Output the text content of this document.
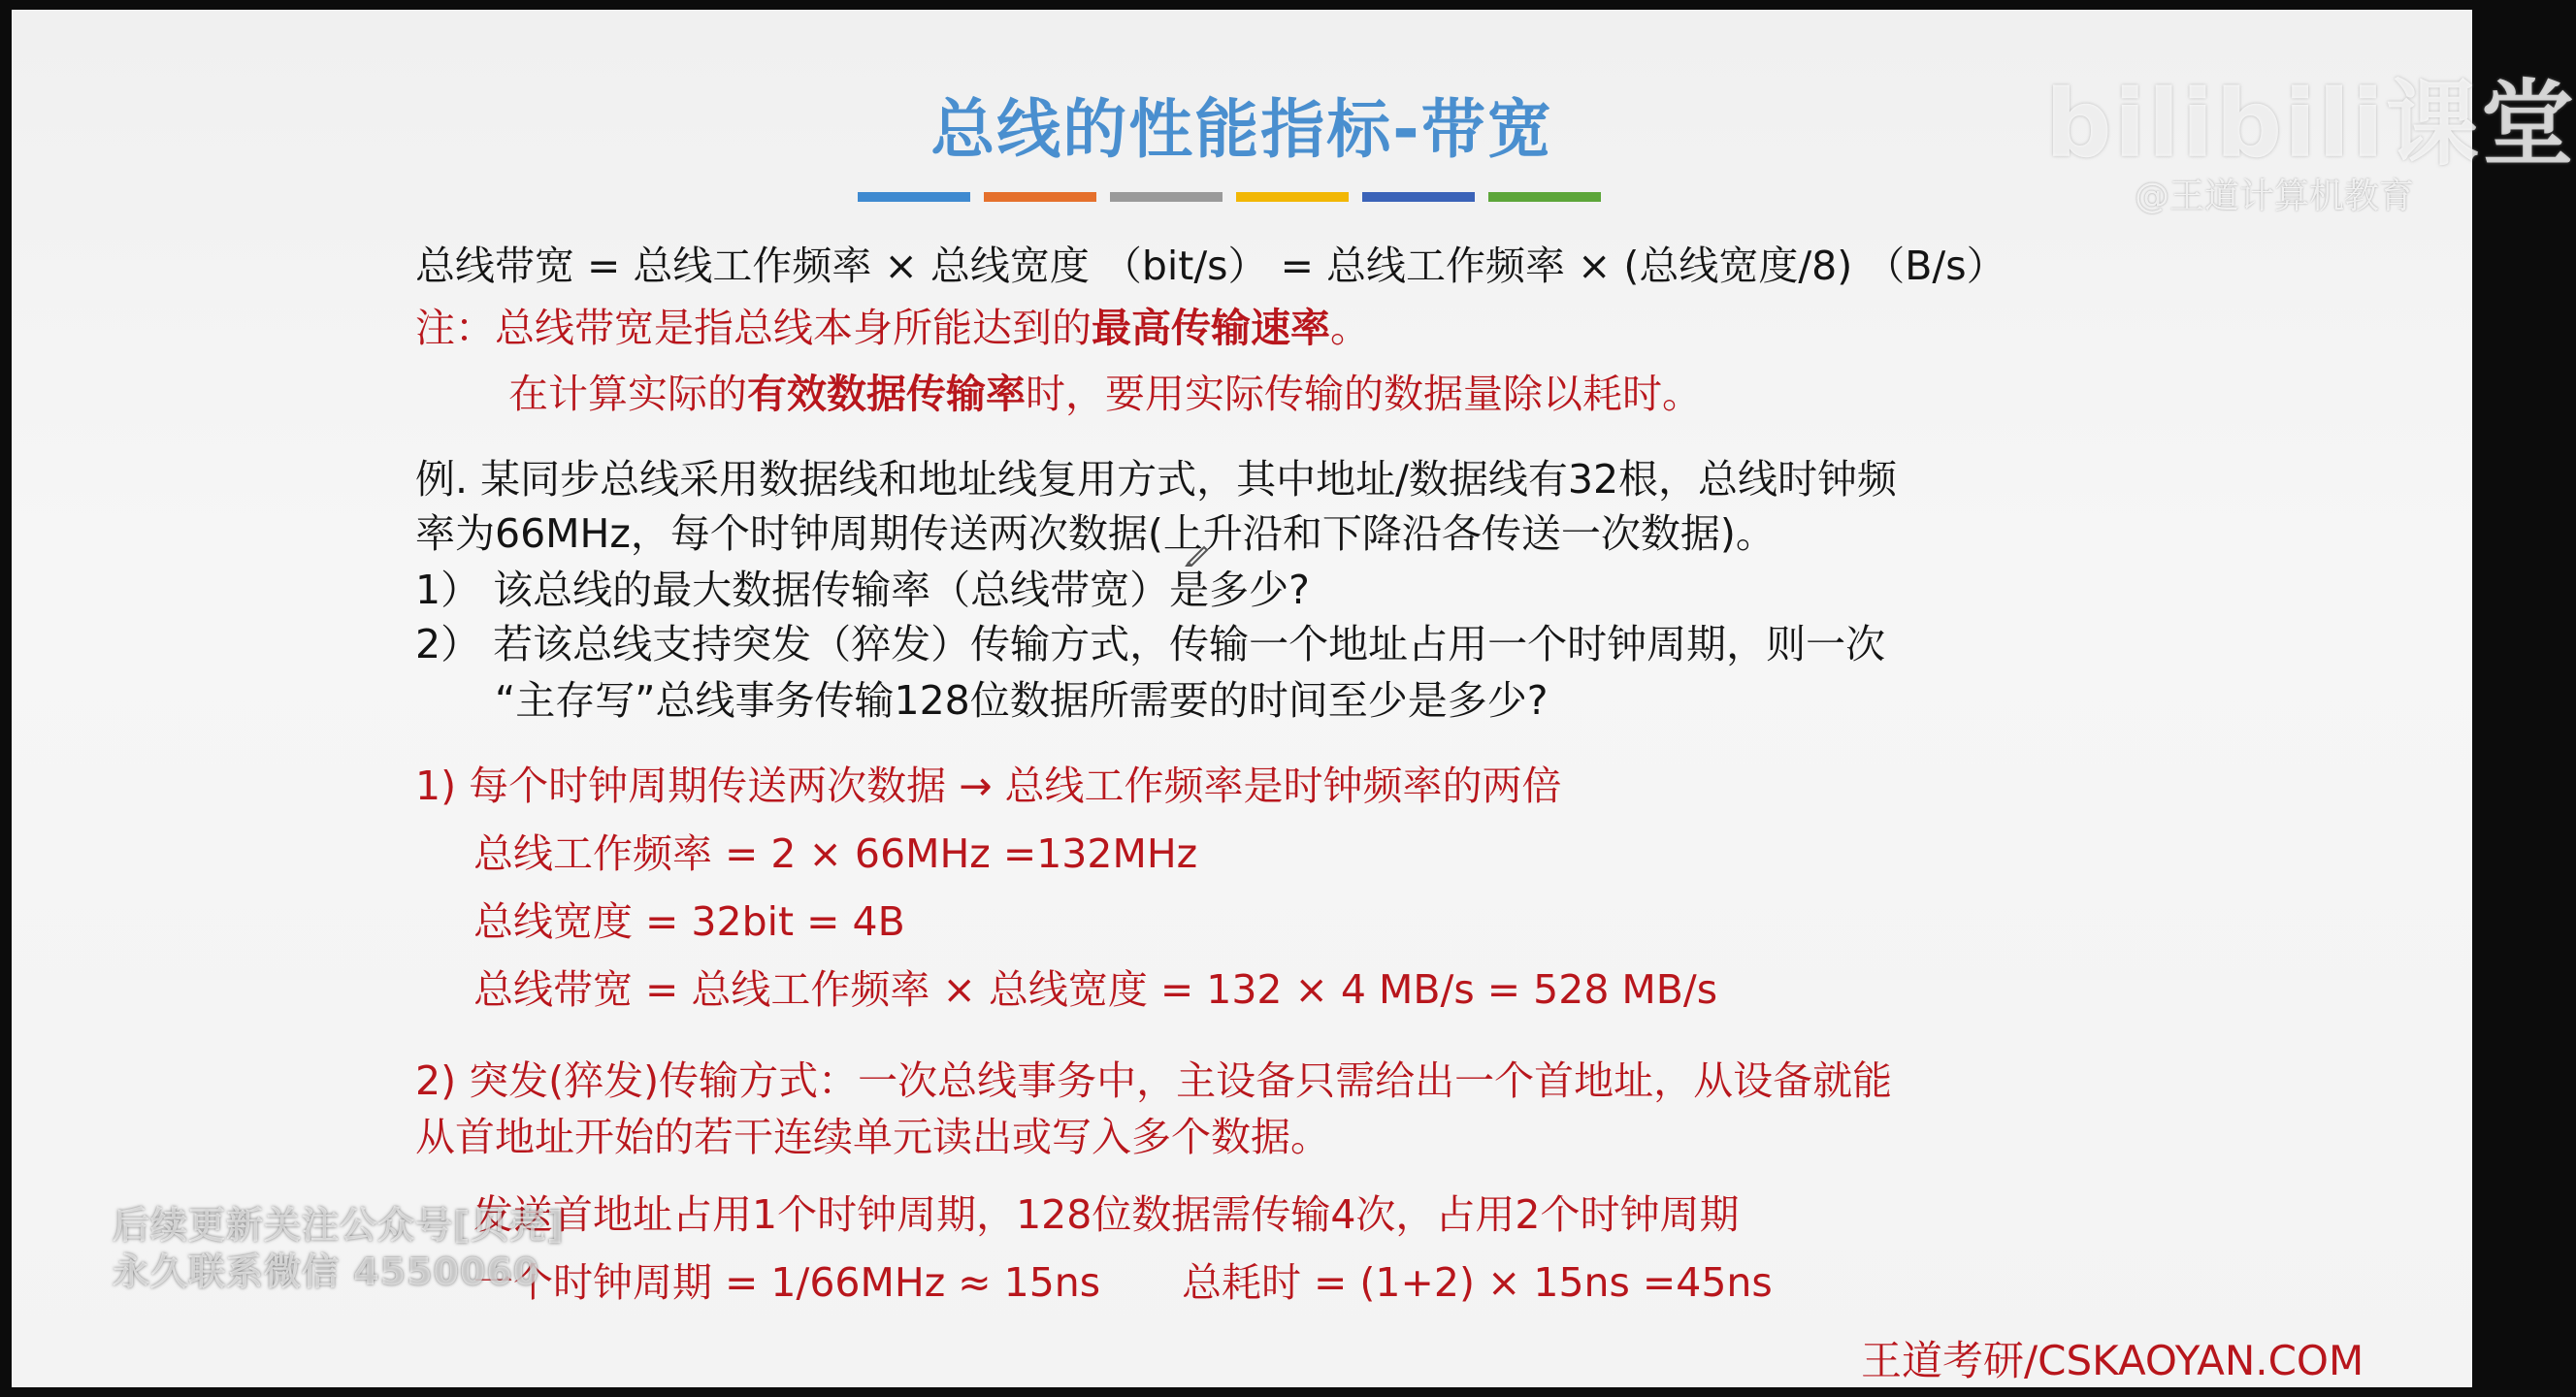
总线的性能指标-带宽
总线带宽 = 总线工作频率 × 总线宽度 （bit/s） = 总线工作频率 × (总线宽度/8) （B/s）
注：总线带宽是指总线本身所能达到的最高传输速率。
在计算实际的有效数据传输率时，要用实际传输的数据量除以耗时。
例. 某同步总线采用数据线和地址线复用方式，其中地址/数据线有32根，总线时钟频
率为66MHz，每个时钟周期传送两次数据(上升沿和下降沿各传送一次数据)。
1） 该总线的最大数据传输率（总线带宽）是多少?
2） 若该总线支持突发（猝发）传输方式，传输一个地址占用一个时钟周期，则一次
“主存写”总线事务传输128位数据所需要的时间至少是多少?
1) 每个时钟周期传送两次数据 → 总线工作频率是时钟频率的两倍
总线工作频率 = 2 × 66MHz =132MHz
总线宽度 = 32bit = 4B
总线带宽 = 总线工作频率 × 总线宽度 = 132 × 4 MB/s = 528 MB/s
2) 突发(猝发)传输方式：一次总线事务中，主设备只需给出一个首地址，从设备就能
从首地址开始的若干连续单元读出或写入多个数据。
发送首地址占用1个时钟周期，128位数据需传输4次，占用2个时钟周期
一个时钟周期 = 1/66MHz ≈ 15ns 总耗时 = (1+2) × 15ns =45ns
王道考研/CSKAOYAN.COM
bilibili课堂
@王道计算机教育
后续更新关注公众号[贝壳]
永久联系微信 4550060
